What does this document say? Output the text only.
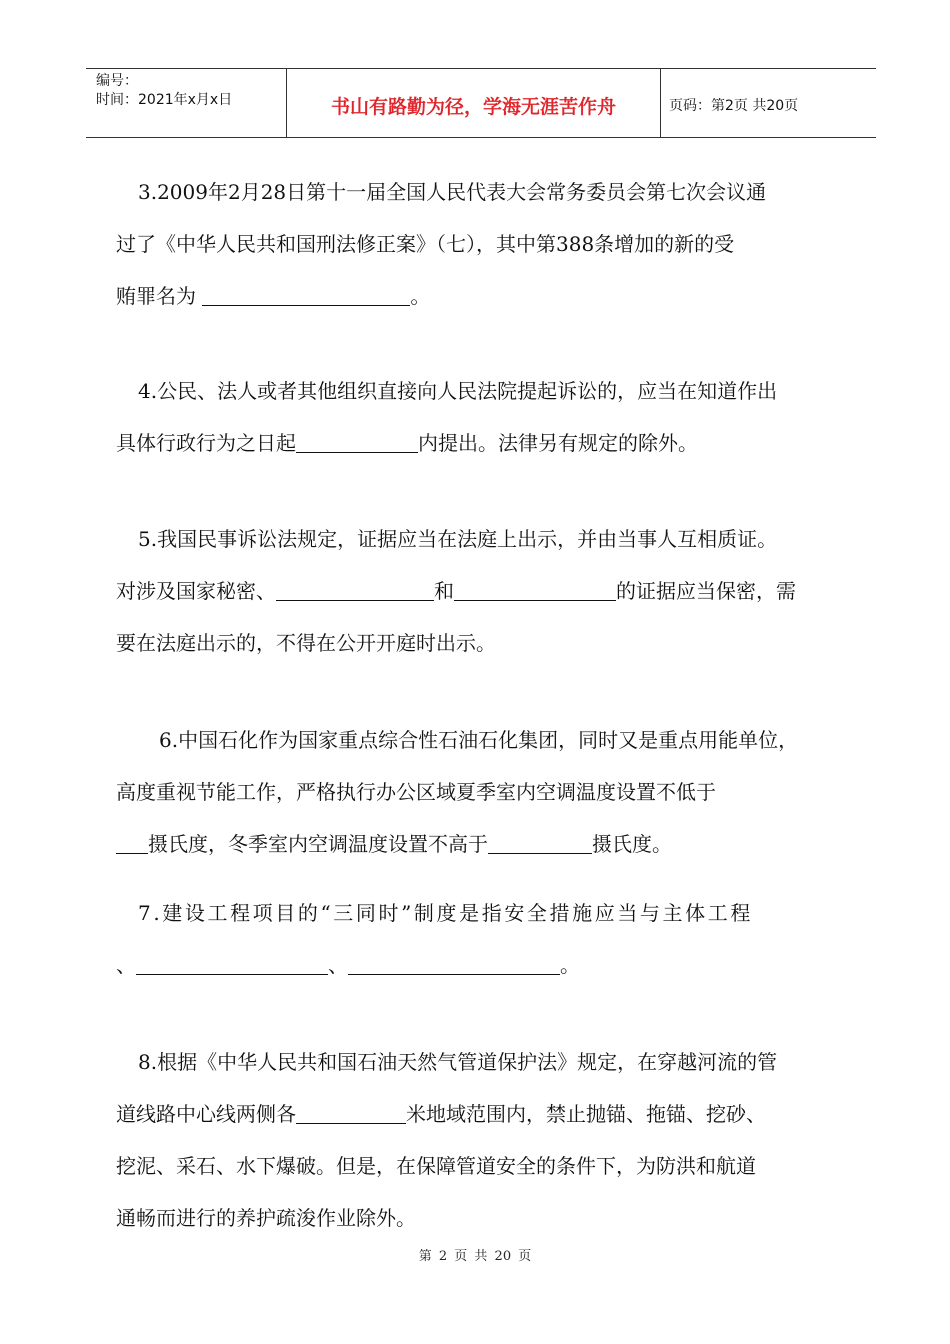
编号：
时间：2021年x月x日	书山有路勤为径，学海无涯苦作舟	页码：第2页 共20页

3.2009年2月28日第十一届全国人民代表大会常务委员会第七次会议通

过了《中华人民共和国刑法修正案》（七），其中第388条增加的新的受

贿罪名为	。

4.公民、法人或者其他组织直接向人民法院提起诉讼的，应当在知道作出

具体行政行为之日起	内提出。法律另有规定的除外。

5.我国民事诉讼法规定，证据应当在法庭上出示，并由当事人互相质证。

对涉及国家秘密、	和	的证据应当保密，需

要在法庭出示的，不得在公开开庭时出示。

6.中国石化作为国家重点综合性石油石化集团，同时又是重点用能单位，

高度重视节能工作，严格执行办公区域夏季室内空调温度设置不低于

摄氏度，冬季室内空调温度设置不高于	摄氏度。

7.建设工程项目的“三同时”制度是指安全措施应当与主体工程

、	、	。

8.根据《中华人民共和国石油天然气管道保护法》规定，在穿越河流的管

道线路中心线两侧各	米地域范围内，禁止抛锚、拖锚、挖砂、

挖泥、采石、水下爆破。但是，在保障管道安全的条件下，为防洪和航道

通畅而进行的养护疏浚作业除外。

第 2 页 共 20 页
